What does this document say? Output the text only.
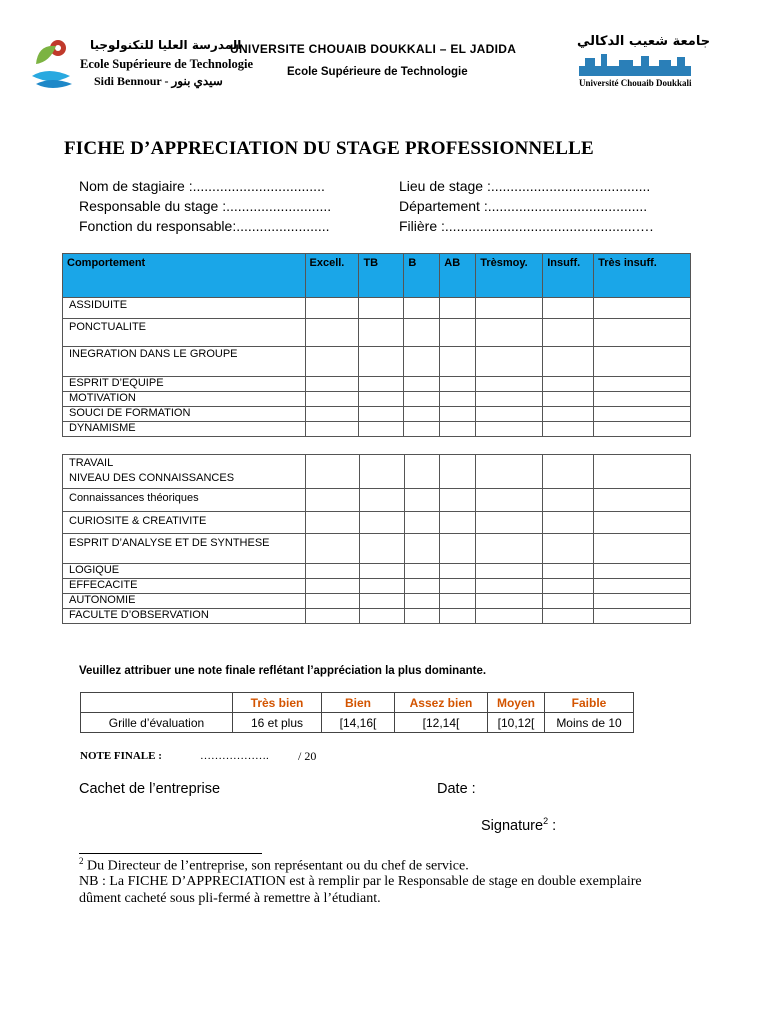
المدرسة العليا للتكنولوجيا
Ecole Supérieure de Technologie
Sidi Bennour - سيدي بنور
UNIVERSITE CHOUAIB DOUKKALI – EL JADIDA
Ecole Supérieure de Technologie
جامعة شعيب الدكالي
Université Chouaib Doukkali
FICHE D’APPRECIATION DU STAGE PROFESSIONNELLE
Nom de stagiaire :..................................
Responsable du stage :...........................
Fonction du responsable:........................
Lieu de stage :.........................................
Département :.........................................
Filière :.................................................….
Comportement	Excell.	TB	B	AB	Trèsmoy.	Insuff.	Très insuff.
ASSIDUITE							
PONCTUALITE							
INEGRATION DANS LE GROUPE							
ESPRIT D’EQUIPE							
MOTIVATION							
SOUCI DE FORMATION							
DYNAMISME							
TRAVAIL
NIVEAU DES CONNAISSANCES							
Connaissances théoriques							
CURIOSITE & CREATIVITE							
ESPRIT D’ANALYSE ET DE SYNTHESE							
LOGIQUE							
EFFECACITE							
AUTONOMIE							
FACULTE D’OBSERVATION							
Veuillez attribuer une note finale reflétant l’appréciation la plus dominante.
	Très bien	Bien	Assez bien	Moyen	Faible
Grille d’évaluation	16 et plus	[14,16[	[12,14[	[10,12[	Moins de 10
NOTE FINALE :	………………. / 20
Cachet de l’entreprise	Date :
Signature$^2$ :
$^2$ Du Directeur de l’entreprise, son représentant ou du chef de service.
NB : La FICHE D’APPRECIATION est à remplir par le Responsable de stage en double exemplaire dûment cacheté sous pli-fermé à remettre à l’étudiant.
